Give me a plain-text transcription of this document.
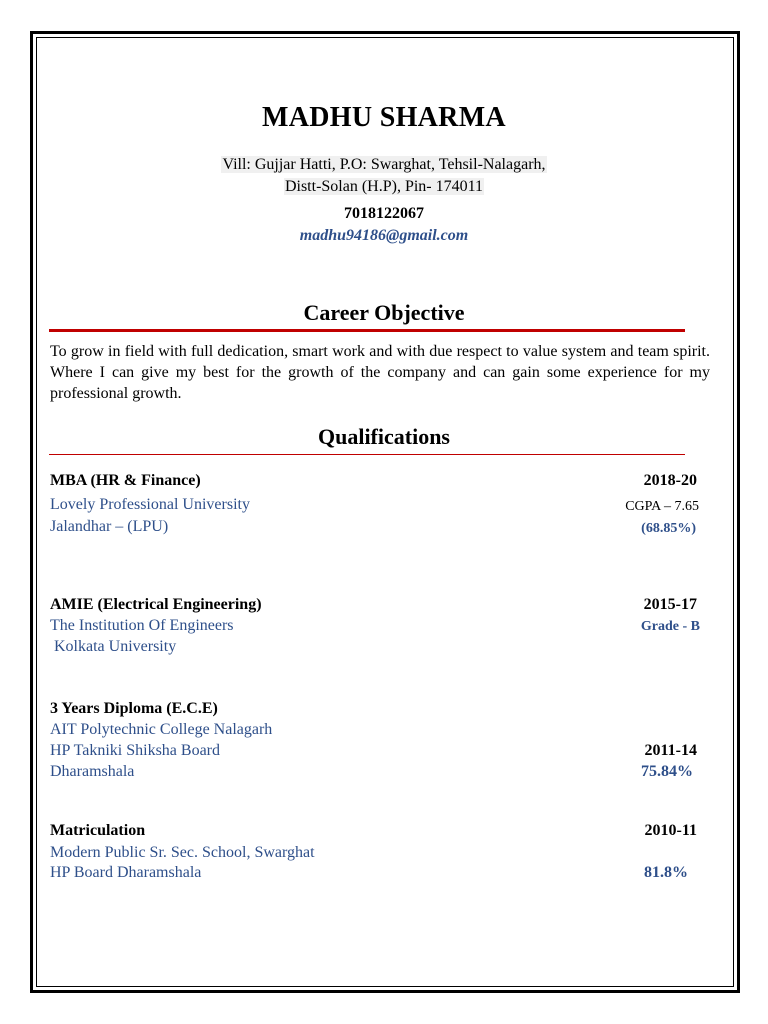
MADHU SHARMA
Vill: Gujjar Hatti, P.O: Swarghat, Tehsil-Nalagarh,
Distt-Solan (H.P), Pin- 174011
7018122067
madhu94186@gmail.com
Career Objective
To grow in field with full dedication, smart work and with due respect to value system and team spirit. Where I can give my best for the growth of the company and can gain some experience for my professional growth.
Qualifications
MBA (HR & Finance)	2018-20
Lovely Professional University	CGPA – 7.65
Jalandhar – (LPU)	(68.85%)
AMIE (Electrical Engineering)	2015-17
The Institution Of Engineers	Grade - B
Kolkata University
3 Years Diploma (E.C.E)
AIT Polytechnic College Nalagarh
HP Takniki Shiksha Board	2011-14
Dharamshala	75.84%
Matriculation	2010-11
Modern Public Sr. Sec. School, Swarghat
HP Board Dharamshala	81.8%
